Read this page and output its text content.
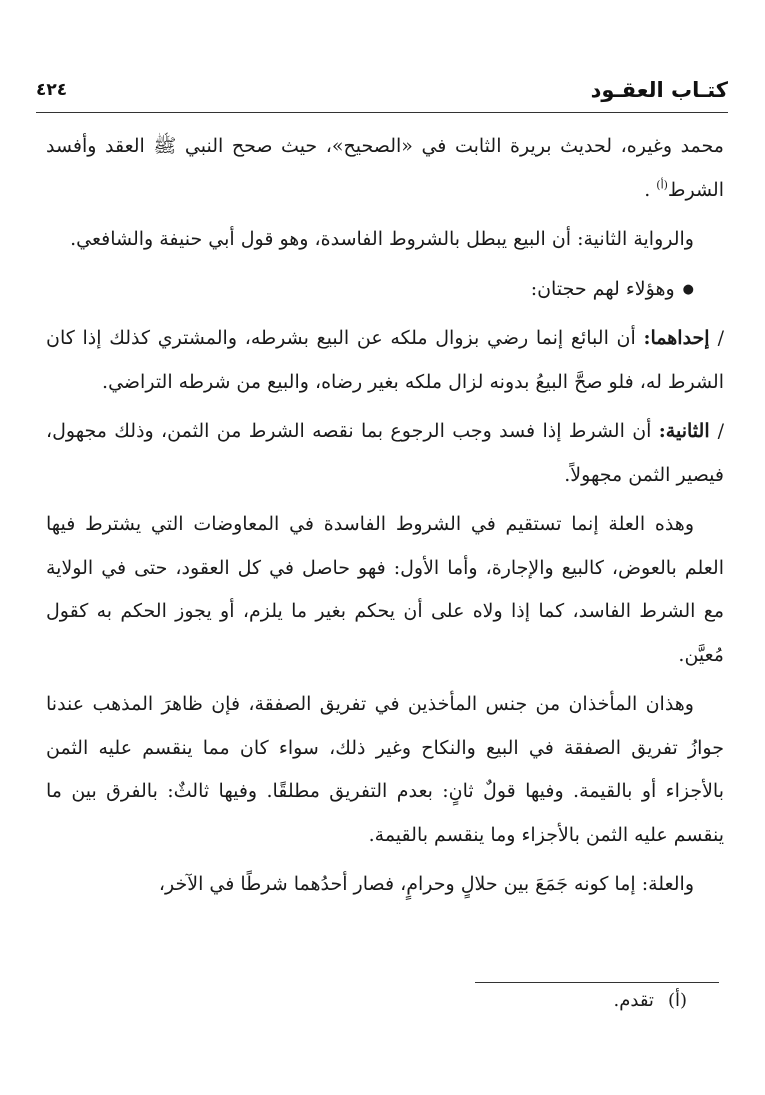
كتـاب العقـود
٤٢٤

محمد وغيره، لحديث بريرة الثابت في «الصحيح»، حيث صحح النبي ﷺ العقد وأفسد الشرط$^{(أ)}$ .

والرواية الثانية: أن البيع يبطل بالشروط الفاسدة، وهو قول أبي حنيفة والشافعي.

●وهؤلاء لهم حجتان:

/إحداهما: أن البائع إنما رضي بزوال ملكه عن البيع بشرطه، والمشتري كذلك إذا كان الشرط له، فلو صحَّ البيعُ بدونه لزال ملكه بغير رضاه، والبيع من شرطه التراضي.

/الثانية: أن الشرط إذا فسد وجب الرجوع بما نقصه الشرط من الثمن، وذلك مجهول، فيصير الثمن مجهولاً.

وهذه العلة إنما تستقيم في الشروط الفاسدة في المعاوضات التي يشترط فيها العلم بالعوض، كالبيع والإجارة، وأما الأول: فهو حاصل في كل العقود، حتى في الولاية مع الشرط الفاسد، كما إذا ولاه على أن يحكم بغير ما يلزم، أو يجوز الحكم به كقول مُعيَّن.

وهذان المأخذان من جنس المأخذين في تفريق الصفقة، فإن ظاهرَ المذهب عندنا جوازُ تفريق الصفقة في البيع والنكاح وغير ذلك، سواء كان مما ينقسم عليه الثمن بالأجزاء أو بالقيمة. وفيها قولٌ ثانٍ: بعدم التفريق مطلقًا. وفيها ثالثٌ: بالفرق بين ما ينقسم عليه الثمن بالأجزاء وما ينقسم بالقيمة.

والعلة: إما كونه جَمَعَ بين حلالٍ وحرامٍ، فصار أحدُهما شرطًا في الآخر،

(أ)تقدم.
